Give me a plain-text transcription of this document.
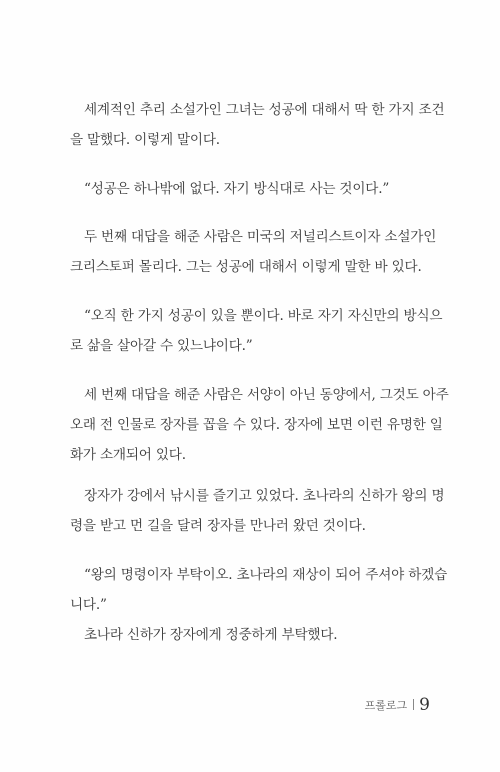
세계적인 추리 소설가인 그녀는 성공에 대해서 딱 한 가지 조건
을 말했다. 이렇게 말이다.

“성공은 하나밖에 없다. 자기 방식대로 사는 것이다.”

두 번째 대답을 해준 사람은 미국의 저널리스트이자 소설가인
크리스토퍼 몰리다. 그는 성공에 대해서 이렇게 말한 바 있다.

“오직 한 가지 성공이 있을 뿐이다. 바로 자기 자신만의 방식으
로 삶을 살아갈 수 있느냐이다.”

세 번째 대답을 해준 사람은 서양이 아닌 동양에서, 그것도 아주
오래 전 인물로 장자를 꼽을 수 있다. 장자에 보면 이런 유명한 일
화가 소개되어 있다.

장자가 강에서 낚시를 즐기고 있었다. 초나라의 신하가 왕의 명
령을 받고 먼 길을 달려 장자를 만나러 왔던 것이다.

“왕의 명령이자 부탁이오. 초나라의 재상이 되어 주셔야 하겠습
니다.”
초나라 신하가 장자에게 정중하게 부탁했다.

프롤로그 9
